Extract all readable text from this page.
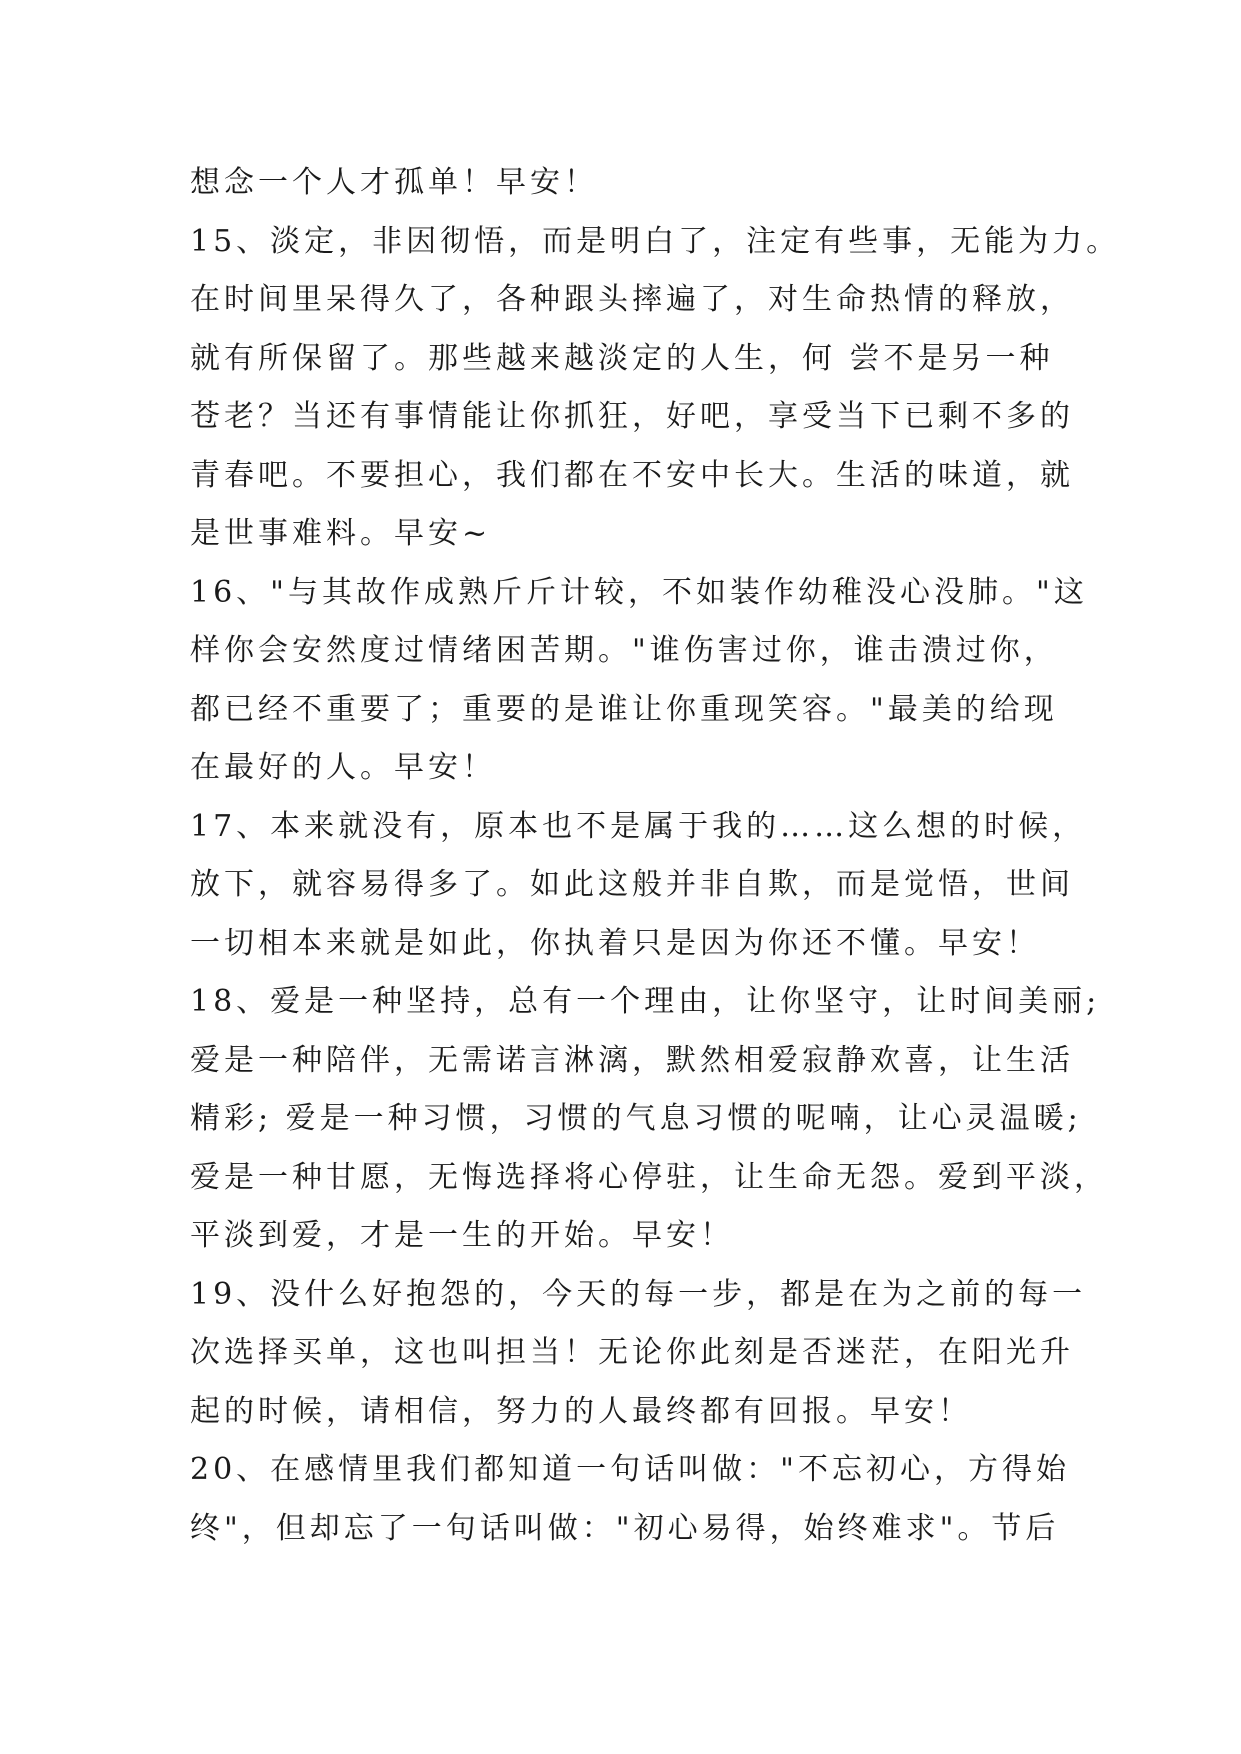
想念一个人才孤单！早安！
15、淡定，非因彻悟，而是明白了，注定有些事，无能为力。
在时间里呆得久了，各种跟头摔遍了，对生命热情的释放，
就有所保留了。那些越来越淡定的人生，何 尝不是另一种
苍老？当还有事情能让你抓狂，好吧，享受当下已剩不多的
青春吧。不要担心，我们都在不安中长大。生活的味道，就
是世事难料。早安~
16、"与其故作成熟斤斤计较，不如装作幼稚没心没肺。"这
样你会安然度过情绪困苦期。"谁伤害过你，谁击溃过你，
都已经不重要了；重要的是谁让你重现笑容。"最美的给现
在最好的人。早安！
17、本来就没有，原本也不是属于我的……这么想的时候，
放下，就容易得多了。如此这般并非自欺，而是觉悟，世间
一切相本来就是如此，你执着只是因为你还不懂。早安！
18、爱是一种坚持，总有一个理由，让你坚守，让时间美丽;
爱是一种陪伴，无需诺言淋漓，默然相爱寂静欢喜，让生活
精彩; 爱是一种习惯，习惯的气息习惯的呢喃，让心灵温暖;
爱是一种甘愿，无悔选择将心停驻，让生命无怨。爱到平淡，
平淡到爱，才是一生的开始。早安！
19、没什么好抱怨的，今天的每一步，都是在为之前的每一
次选择买单，这也叫担当！无论你此刻是否迷茫，在阳光升
起的时候，请相信，努力的人最终都有回报。早安！
20、在感情里我们都知道一句话叫做："不忘初心，方得始
终"，但却忘了一句话叫做："初心易得，始终难求"。节后
